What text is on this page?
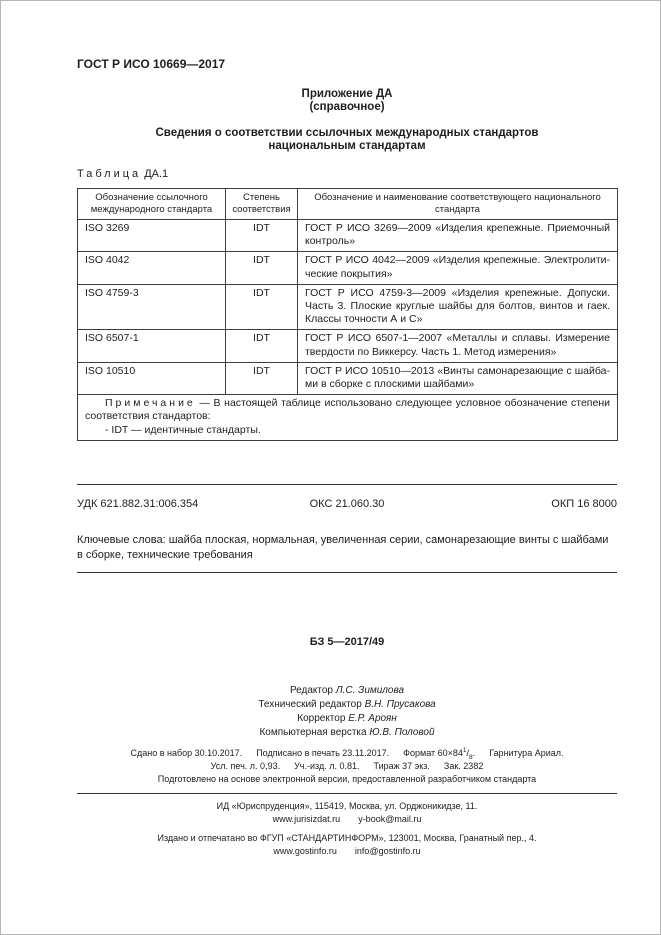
ГОСТ Р ИСО 10669—2017
Приложение ДА
(справочное)
Сведения о соответствии ссылочных международных стандартов
национальным стандартам
Таблица ДА.1
Обозначение ссылочного международного стандарта	Степень соответствия	Обозначение и наименование соответствующего национального стандарта
ISO 3269	IDT	ГОСТ Р ИСО 3269—2009 «Изделия крепежные. Приемочный контроль»
ISO 4042	IDT	ГОСТ Р ИСО 4042—2009 «Изделия крепежные. Электролитические покрытия»
ISO 4759-3	IDT	ГОСТ Р ИСО 4759-3—2009 «Изделия крепежные. Допуски. Часть 3. Плоские круглые шайбы для болтов, винтов и гаек. Классы точности А и С»
ISO 6507-1	IDT	ГОСТ Р ИСО 6507-1—2007 «Металлы и сплавы. Измерение твердости по Виккерсу. Часть 1. Метод измерения»
ISO 10510	IDT	ГОСТ Р ИСО 10510—2013 «Винты самонарезающие с шайбами в сборке с плоскими шайбами»

Примечание — В настоящей таблице использовано следующее условное обозначение степени соответствия стандартов:
- IDT — идентичные стандарты.		
УДК 621.882.31:006.354	ОКС 21.060.30	ОКП 16 8000

Ключевые слова: шайба плоская, нормальная, увеличенная серии, самонарезающие винты с шайбами в сборке, технические требования

БЗ 5—2017/49
Редактор Л.С. Зимилова
Технический редактор В.Н. Прусакова
Корректор Е.Р. Ароян
Компьютерная верстка Ю.В. Половой
Сдано в набор 30.10.2017. Подписано в печать 23.11.2017. Формат $60\times 84^1/_8$. Гарнитура Ариал.
Усл. печ. л. 0,93. Уч.-изд. л. 0.81. Тираж 37 экз. Зак. 2382
Подготовлено на основе электронной версии, предоставленной разработчиком стандарта
ИД «Юриспруденция», 115419, Москва, ул. Орджоникидзе, 11.
www.jurisizdat.ru y-book@mail.ru
Издано и отпечатано во ФГУП «СТАНДАРТИНФОРМ», 123001, Москва, Гранатный пер., 4.
www.gostinfo.ru info@gostinfo.ru
